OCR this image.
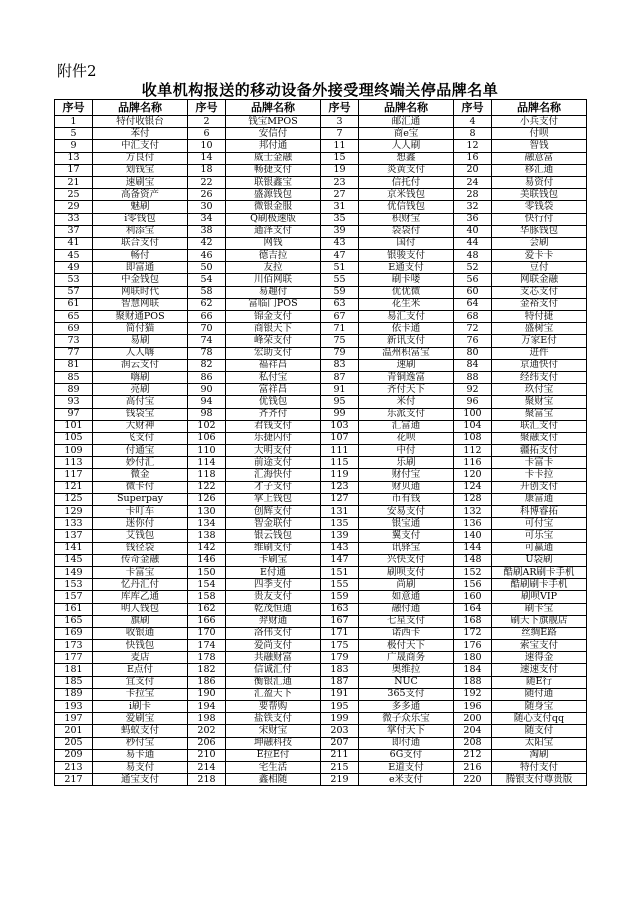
附件2
收单机构报送的移动设备外接受理终端关停品牌名单
序号	品牌名称	序号	品牌名称	序号	品牌名称	序号	品牌名称
1	特付收银台	2	钱宝MPOS	3	邮汇通	4	小兵支付
5	苯付	6	安信付	7	商e宝	8	付呗
9	中汇支付	10	邦付通	11	人人刷	12	智钱
13	方良付	14	威士金融	15	想鑫	16	融意富
17	划钱宝	18	畅捷支付	19	炎黄支付	20	移汇通
21	速刷宝	22	联银鑫宝	23	信托付	24	易资付
25	高备资产	26	盛源钱包	27	京米钱包	28	美联钱包
29	魅刷	30	微银金服	31	优信钱包	32	零钱袋
33	i零钱包	34	Q刷极速版	35	积财宝	36	快行付
37	利添宝	38	通泽支付	39	袋袋付	40	华豚钱包
41	联合支付	42	网钱	43	国付	44	会刷
45	畅付	46	德吉拉	47	银骏支付	48	爱卡卡
49	即富通	50	友拉	51	E通支付	52	豆付
53	中金钱包	54	川佰网联	55	刷卡喽	56	网联金融
57	网联时代	58	易趣付	59	优优微	60	支芯支付
61	智慧网联	62	富临门POS	63	花生米	64	金裕支付
65	聚财通POS	66	锦金支付	67	易汇支付	68	特付捷
69	简付猫	70	商银天下	71	依卡通	72	盛树宝
73	易刷	74	峰荣支付	75	新讯支付	76	万家E付
77	人人嗨	78	宏助支付	79	温州积富宝	80	进件
81	润云支付	82	福祥昌	83	速刷	84	京通快付
85	嗨刷	86	私付宝	87	青铜逸富	88	经纬支付
89	亮刷	90	富祥昌	91	齐付天下	92	玖付宝
93	高付宝	94	优钱包	95	米付	96	聚财宝
97	钱袋宝	98	齐齐付	99	乐派支付	100	聚富宝
101	大财神	102	君钱支付	103	汇富通	104	联汇支付
105	飞支付	106	乐捷闪付	107	花呗	108	聚融支付
109	付通宝	110	大明支付	111	中付	112	疆拓支付
113	妙付汇	114	前途支付	115	乐刷	116	卡富卡
117	微金	118	汇海快付	119	财付宝	120	卡卡拉
121	微卡付	122	才子支付	123	财贝通	124	开创支付
125	Superpay	126	掌上钱包	127	币有钱	128	康富通
129	卡叮车	130	创辉支付	131	安易支付	132	科博睿拓
133	迷你付	134	智金联付	135	银宝通	136	可付宝
137	艾钱包	138	银云钱包	139	翼支付	140	可乐宝
141	钱径袋	142	维刷支付	143	讯驿宝	144	可赢通
145	传奇金融	146	卡刷宝	147	兴快支付	148	U袋刷
149	卡富宝	150	E付通	151	刷呗支付	152	酷刷AR刷卡手机
153	忆丹汇付	154	四季支付	155	尚刷	156	酷刷刷卡手机
157	库库乙通	158	贵友支付	159	如意通	160	刷呗VIP
161	明人钱包	162	乾茂恒通	163	融付通	164	刷卡宝
165	旗刷	166	羿财通	167	七星支付	168	刷天下旗舰店
169	收银通	170	洛伟支付	171	诺西卡	172	丝绸E路
173	快钱包	174	爱尚支付	175	极付天下	176	索宝支付
177	麦店	178	共融财富	179	广晟商务	180	速得金
181	E点付	182	信诚汇付	183	奥维拉	184	速速支付
185	宜支付	186	衡银汇通	187	NUC	188	随E行
189	卡拉宝	190	汇盈天下	191	365支付	192	随付通
193	i刷卡	194	要帮购	195	多多通	196	随身宝
197	爱刷宝	198	盐铁支付	199	微子众乐宝	200	随心支付qq
201	蚂蚁支付	202	宋财宝	203	掌付天下	204	随支付
205	秒付宝	206	坤融科技	207	即付通	208	太阳宝
209	易卡通	210	E拉E付	211	6G支付	212	淘刷
213	易支付	214	宅生活	215	E道支付	216	特付支付
217	通宝支付	218	鑫相随	219	e米支付	220	腾银支付尊贵版
